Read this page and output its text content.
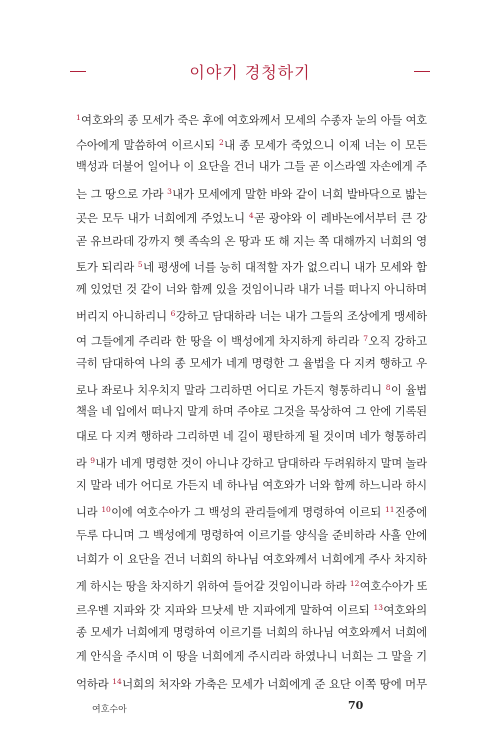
이야기 경청하기
$^1$여호와의 종 모세가 죽은 후에 여호와께서 모세의 수종자 눈의 아들 여호
수아에게 말씀하여 이르시되 $^2$내 종 모세가 죽었으니 이제 너는 이 모든
백성과 더불어 일어나 이 요단을 건너 내가 그들 곧 이스라엘 자손에게 주
는 그 땅으로 가라 $^3$내가 모세에게 말한 바와 같이 너희 발바닥으로 밟는
곳은 모두 내가 너희에게 주었노니 $^4$곧 광야와 이 레바논에서부터 큰 강
곧 유브라데 강까지 헷 족속의 온 땅과 또 해 지는 쪽 대해까지 너희의 영
토가 되리라 $^5$네 평생에 너를 능히 대적할 자가 없으리니 내가 모세와 함
께 있었던 것 같이 너와 함께 있을 것임이니라 내가 너를 떠나지 아니하며
버리지 아니하리니 $^6$강하고 담대하라 너는 내가 그들의 조상에게 맹세하
여 그들에게 주리라 한 땅을 이 백성에게 차지하게 하리라 $^7$오직 강하고
극히 담대하여 나의 종 모세가 네게 명령한 그 율법을 다 지켜 행하고 우
로나 좌로나 치우치지 말라 그리하면 어디로 가든지 형통하리니 $^8$이 율법
책을 네 입에서 떠나지 말게 하며 주야로 그것을 묵상하여 그 안에 기록된
대로 다 지켜 행하라 그리하면 네 길이 평탄하게 될 것이며 네가 형통하리
라 $^9$내가 네게 명령한 것이 아니냐 강하고 담대하라 두려워하지 말며 놀라
지 말라 네가 어디로 가든지 네 하나님 여호와가 너와 함께 하느니라 하시
니라 $^{10}$이에 여호수아가 그 백성의 관리들에게 명령하여 이르되 $^{11}$진중에
두루 다니며 그 백성에게 명령하여 이르기를 양식을 준비하라 사흘 안에
너희가 이 요단을 건너 너희의 하나님 여호와께서 너희에게 주사 차지하
게 하시는 땅을 차지하기 위하여 들어갈 것임이니라 하라 $^{12}$여호수아가 또
르우벤 지파와 갓 지파와 므낫세 반 지파에게 말하여 이르되 $^{13}$여호와의
종 모세가 너희에게 명령하여 이르기를 너희의 하나님 여호와께서 너희에
게 안식을 주시며 이 땅을 너희에게 주시리라 하였나니 너희는 그 말을 기
억하라 $^{14}$너희의 처자와 가축은 모세가 너희에게 준 요단 이쪽 땅에 머무
여호수아	70
